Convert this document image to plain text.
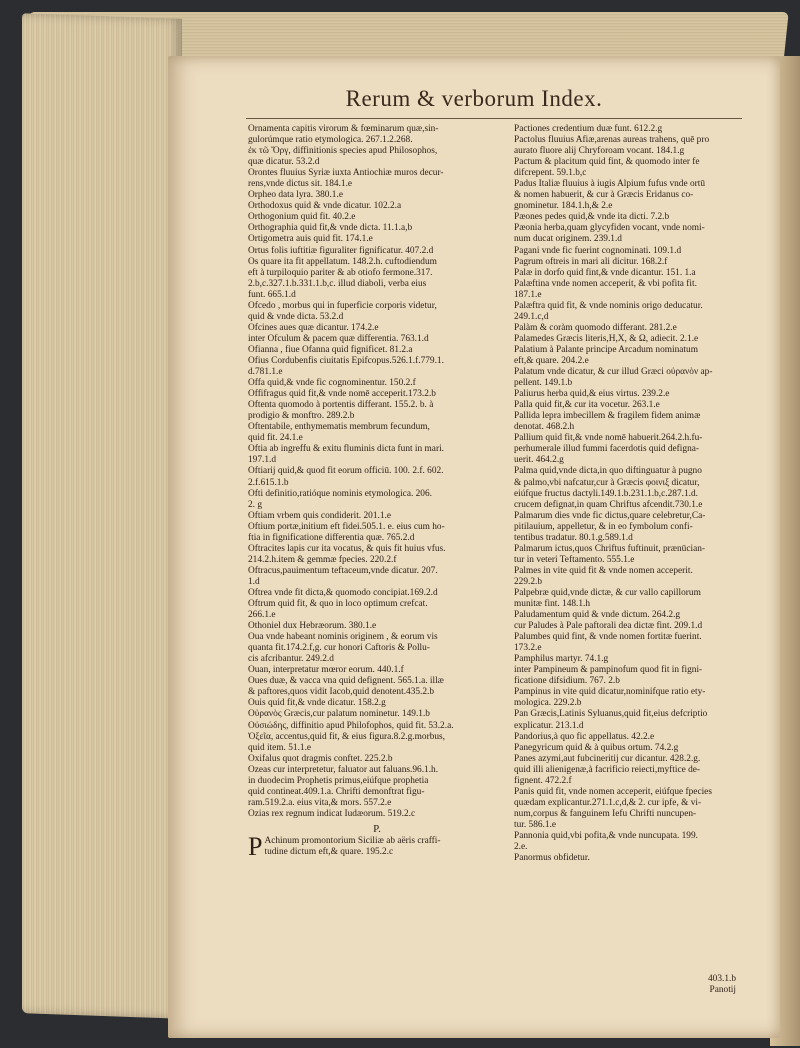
Rerum & verborum Index.
Ornamenta capitis virorum & fœminarum quæ,sin-
gulorúmque ratio etymologica. 267.1.2.268.
ἐκ τῶ Ὄργ, diffinitionis species apud Philosophos,
quæ dicatur. 53.2.d
Orontes fluuius Syriæ iuxta Antiochiæ muros decur-
rens,vnde dictus sit. 184.1.e
Orpheo data lyra. 380.1.e
Orthodoxus quid & vnde dicatur. 102.2.a
Orthogonium quid fit. 40.2.e
Orthographia quid fit,& vnde dicta. 11.1.a,b
Ortigometra auis quid fit. 174.1.e
Ortus folis iuftitiæ figuraliter fignificatur. 407.2.d
Os quare ita fit appellatum. 148.2.h. cuftodiendum
eft à turpiloquio pariter & ab otiofo fermone.317.
2.b,c.327.1.b.331.1.b,c. illud diaboli, verba eius
funt. 665.1.d
Ofcedo , morbus qui in fuperficie corporis videtur,
quid & vnde dicta. 53.2.d
Ofcines aues quæ dicantur. 174.2.e
inter Ofculum & pacem quæ differentia. 763.1.d
Ofianna , fiue Ofanna quid fignificet. 81.2.a
Ofius Cordubenfis ciuitatis Epifcopus.526.1.f.779.1.
d.781.1.e
Offa quid,& vnde fic cognominentur. 150.2.f
Offifragus quid fit,& vnde nomē acceperit.173.2.b
Oftenta quomodo à portentis differant. 155.2. b. à
prodigio & monftro. 289.2.b
Oftentabile, enthymematis membrum fecundum,
quid fit. 24.1.e
Oftia ab ingreffu & exitu fluminis dicta funt in mari.
197.1.d
Oftiarij quid,& quod fit eorum officiū. 100. 2.f. 602.
2.f.615.1.b
Ofti definitio,ratióque nominis etymologica. 206.
2. g
Oftiam vrbem quis condiderit. 201.1.e
Oftium portæ,initium eft fidei.505.1. e. eius cum ho-
ftia in fignificatione differentia quæ. 765.2.d
Oftracites lapis cur ita vocatus, & quis fit huius vfus.
214.2.h.item & gemmæ fpecies. 220.2.f
Oftracus,pauimentum teftaceum,vnde dicatur. 207.
1.d
Oftrea vnde fit dicta,& quomodo concipiat.169.2.d
Oftrum quid fit, & quo in loco optimum crefcat.
266.1.e
Othoniel dux Hebræorum. 380.1.e
Oua vnde habeant nominis originem , & eorum vis
quanta fit.174.2.f,g. cur honori Caftoris & Pollu-
cis afcribantur. 249.2.d
Ouan, interpretatur mœror eorum. 440.1.f
Oues duæ, & vacca vna quid defignent. 565.1.a. illæ
& paftores,quos vidit Iacob,quid denotent.435.2.b
Ouis quid fit,& vnde dicatur. 158.2.g
Οὐρανὸς Græcis,cur palatum nominetur. 149.1.b
Οὐσιώδης, diffinitio apud Philofophos, quid fit. 53.2.a.
Ὀξεῖα, accentus,quid fit, & eius figura.8.2.g.morbus,
quid item. 51.1.e
Oxifalus quot dragmis conftet. 225.2.b
Ozeas cur interpretetur, faluator aut faluans.96.1.h.
in duodecim Prophetis primus,eiúfque prophetia
quid contineat.409.1.a. Chrifti demonftrat figu-
ram.519.2.a. eius vita,& mors. 557.2.e
Ozias rex regnum indicat Iudæorum. 519.2.c
P.
P Achinum promontorium Siciliæ ab aëris craffi-
tudine dictum eft,& quare. 195.2.c
Pactiones credentium duæ funt. 612.2.g
Pactolus fluuius Afiæ,arenas aureas trahens, quē pro
aurato fluore alij Chryforoam vocant. 184.1.g
Pactum & placitum quid fint, & quomodo inter fe
difcrepent. 59.1.b,c
Padus Italiæ fluuius à iugis Alpium fufus vnde ortū
& nomen habuerit, & cur à Græcis Eridanus co-
gnominetur. 184.1.h,& 2.e
Pæones pedes quid,& vnde ita dicti. 7.2.b
Pæonia herba,quam glycyfiden vocant, vnde nomi-
num ducat originem. 239.1.d
Pagani vnde fic fuerint cognominati. 109.1.d
Pagrum oftreis in mari ali dicitur. 168.2.f
Palæ in dorfo quid fint,& vnde dicantur. 151. 1.a
Palæftina vnde nomen acceperit, & vbi pofita fit.
187.1.e
Palæftra quid fit, & vnde nominis origo deducatur.
249.1.c,d
Palàm & coràm quomodo differant. 281.2.e
Palamedes Græcis literis,H,X, & Ω, adiecit. 2.1.e
Palatium à Palante principe Arcadum nominatum
eft,& quare. 204.2.e
Palatum vnde dicatur, & cur illud Græci οὐρανὸν ap-
pellent. 149.1.b
Paliurus herba quid,& eius virtus. 239.2.e
Palla quid fit,& cur ita vocetur. 263.1.e
Pallida lepra imbecillem & fragilem fidem animæ
denotat. 468.2.h
Pallium quid fit,& vnde nomē habuerit.264.2.h.fu-
perhumerale illud fummi facerdotis quid defigna-
uerit. 464.2.g
Palma quid,vnde dicta,in quo diftinguatur à pugno
& palmo,vbi nafcatur,cur à Græcis φοινιξ dicatur,
eiúfque fructus dactyli.149.1.b.231.1.b,c.287.1.d.
crucem defignat,in quam Chriftus afcendit.730.1.e
Palmarum dies vnde fic dictus,quare celebretur,Ca-
pitilauium, appelletur, & in eo fymbolum confi-
tentibus tradatur. 80.1.g.589.1.d
Palmarum ictus,quos Chriftus fuftinuit, prænūcian-
tur in veteri Teftamento. 555.1.e
Palmes in vite quid fit & vnde nomen acceperit.
229.2.b
Palpebræ quid,vnde dictæ, & cur vallo capillorum
munitæ fint. 148.1.h
Paludamentum quid & vnde dictum. 264.2.g
cur Paludes à Pale paftorali dea dictæ fint. 209.1.d
Palumbes quid fint, & vnde nomen fortitæ fuerint.
173.2.e
Pamphilus martyr. 74.1.g
inter Pampineum & pampinofum quod fit in figni-
ficatione difsidium. 767. 2.b
Pampinus in vite quid dicatur,nominifque ratio ety-
mologica. 229.2.b
Pan Græcis,Latinis Syluanus,quid fit,eius defcriptio
explicatur. 213.1.d
Pandorius,à quo fic appellatus. 42.2.e
Panegyricum quid & à quibus ortum. 74.2.g
Panes azymi,aut fubcineritij cur dicantur. 428.2.g.
quid illi alienigenæ,à facrificio reiecti,myftice de-
fignent. 472.2.f
Panis quid fit, vnde nomen acceperit, eiúfque fpecies
quædam explicantur.271.1.c,d,& 2. cur ipfe, & vi-
num,corpus & fanguinem Iefu Chrifti nuncupen-
tur. 586.1.e
Pannonia quid,vbi pofita,& vnde nuncupata. 199.
2.e.
Panormus obfidetur.
403.1.b
Panotij
